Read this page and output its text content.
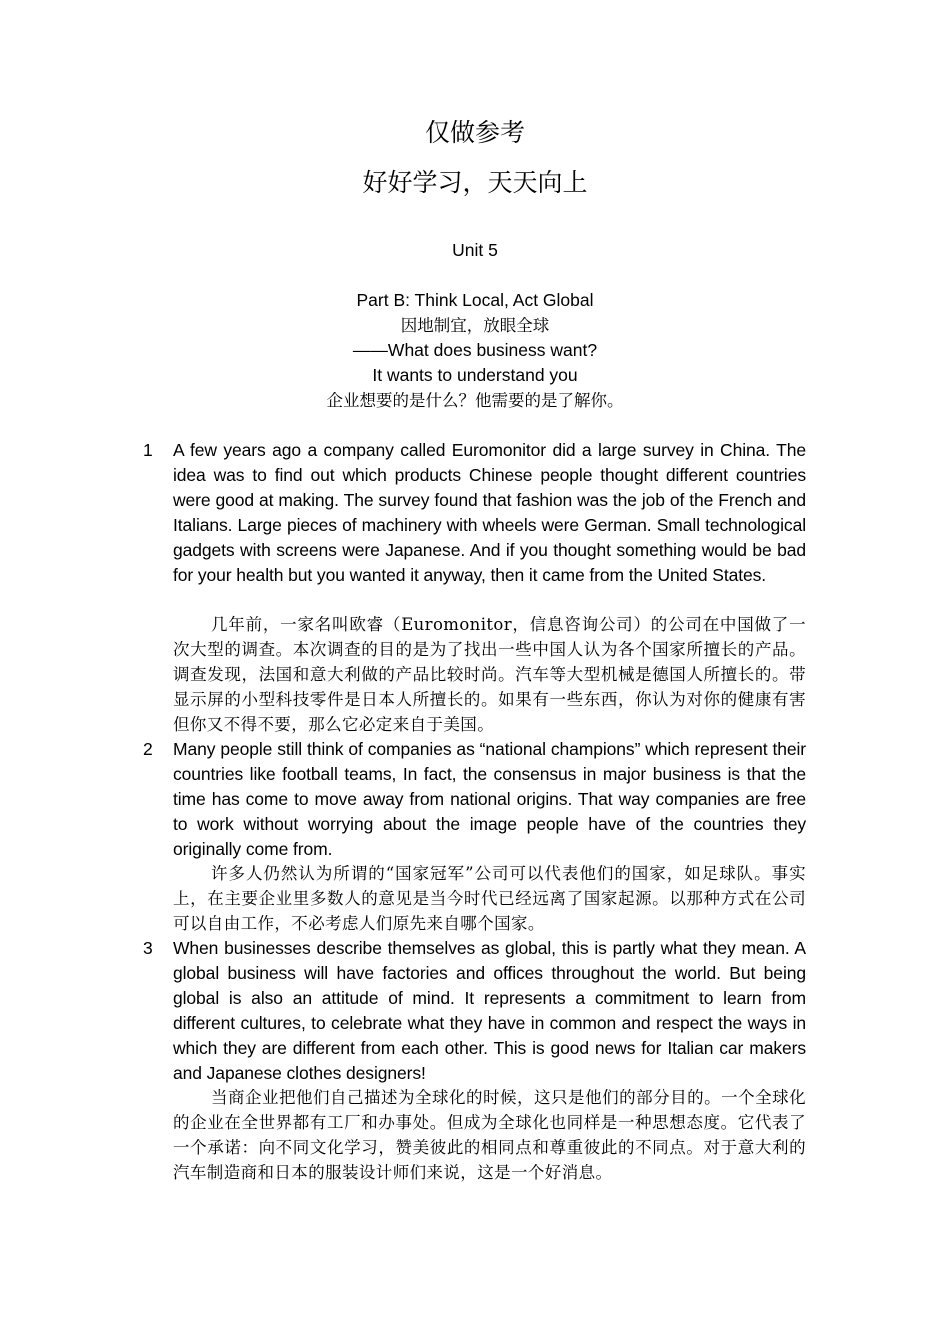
仅做参考
好好学习，天天向上
Unit 5
Part B: Think Local, Act Global
因地制宜，放眼全球
——What does business want?
It wants to understand you
企业想要的是什么？他需要的是了解你。
1	A few years ago a company called Euromonitor did a large survey in China. The idea was to find out which products Chinese people thought different countries were good at making. The survey found that fashion was the job of the French and Italians. Large pieces of machinery with wheels were German. Small technological gadgets with screens were Japanese. And if you thought something would be bad for your health but you wanted it anyway, then it came from the United States.
几年前，一家名叫欧睿（Euromonitor，信息咨询公司）的公司在中国做了一次大型的调查。本次调查的目的是为了找出一些中国人认为各个国家所擅长的产品。调查发现，法国和意大利做的产品比较时尚。汽车等大型机械是德国人所擅长的。带显示屏的小型科技零件是日本人所擅长的。如果有一些东西，你认为对你的健康有害但你又不得不要，那么它必定来自于美国。
2	Many people still think of companies as “national champions” which represent their countries like football teams, In fact, the consensus in major business is that the time has come to move away from national origins. That way companies are free to work without worrying about the image people have of the countries they originally come from.
许多人仍然认为所谓的“国家冠军”公司可以代表他们的国家，如足球队。事实上，在主要企业里多数人的意见是当今时代已经远离了国家起源。以那种方式在公司可以自由工作，不必考虑人们原先来自哪个国家。
3	When businesses describe themselves as global, this is partly what they mean. A global business will have factories and offices throughout the world. But being global is also an attitude of mind. It represents a commitment to learn from different cultures, to celebrate what they have in common and respect the ways in which they are different from each other. This is good news for Italian car makers and Japanese clothes designers!
当商企业把他们自己描述为全球化的时候，这只是他们的部分目的。一个全球化的企业在全世界都有工厂和办事处。但成为全球化也同样是一种思想态度。它代表了一个承诺：向不同文化学习，赞美彼此的相同点和尊重彼此的不同点。对于意大利的汽车制造商和日本的服装设计师们来说，这是一个好消息。
